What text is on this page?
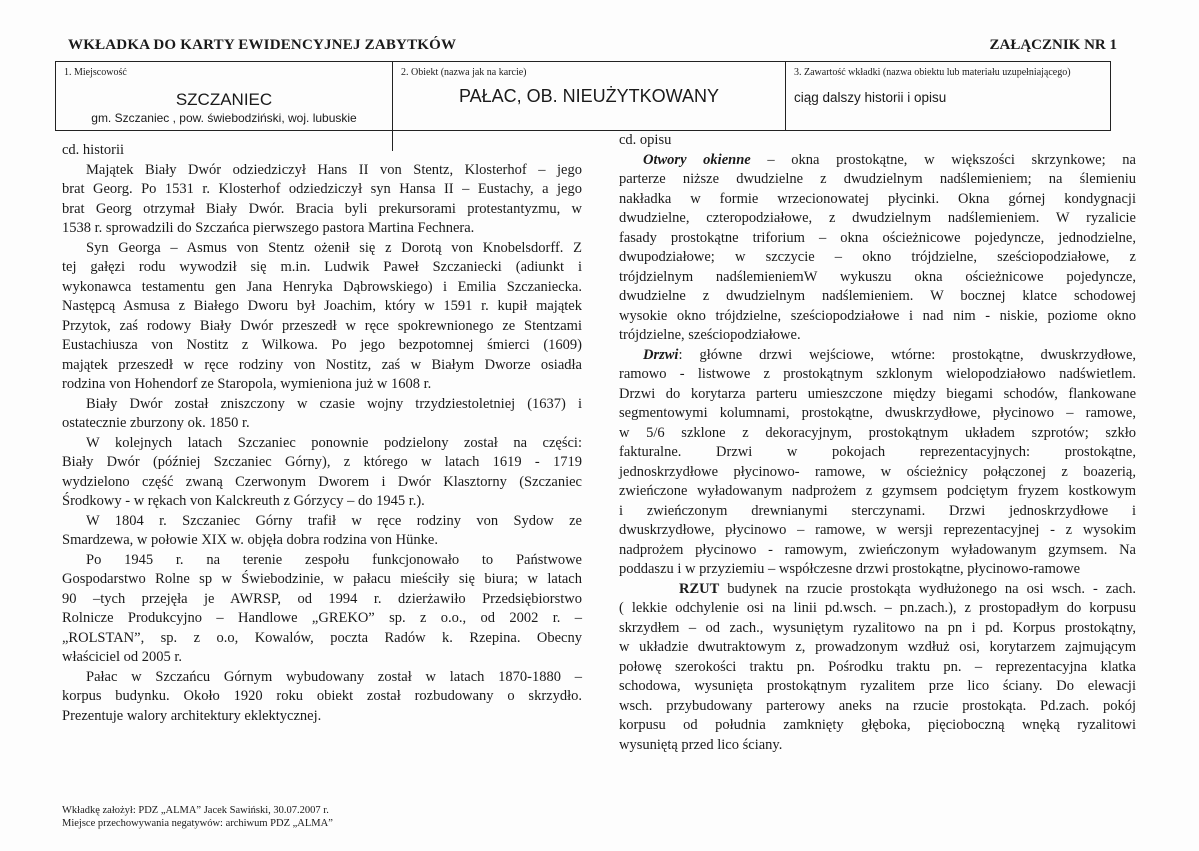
WKŁADKA DO KARTY EWIDENCYJNEJ ZABYTKÓW	ZAŁĄCZNIK NR 1
1. Miejscowość
SZCZANIEC
gm. Szczaniec , pow. świebodziński, woj. lubuskie
2. Obiekt (nazwa jak na karcie)
PAŁAC, OB. NIEUŻYTKOWANY
3. Zawartość wkładki (nazwa obiektu lub materiału uzupełniającego)
ciąg dalszy historii i opisu

cd. historii

Majątek Biały Dwór odziedziczył Hans II von Stentz, Klosterhof – jego

brat Georg. Po 1531 r. Klosterhof odziedziczył syn Hansa II – Eustachy, a jego

brat Georg otrzymał Biały Dwór. Bracia byli prekursorami protestantyzmu, w

1538 r. sprowadzili do Szczańca pierwszego pastora Martina Fechnera.

Syn Georga – Asmus von Stentz ożenił się z Dorotą von Knobelsdorff. Z

tej gałęzi rodu wywodził się m.in. Ludwik Paweł Szczaniecki (adiunkt i

wykonawca testamentu gen Jana Henryka Dąbrowskiego) i Emilia Szczaniecka.

Następcą Asmusa z Białego Dworu był Joachim, który w 1591 r. kupił majątek

Przytok, zaś rodowy Biały Dwór przeszedł w ręce spokrewnionego ze Stentzami

Eustachiusza von Nostitz z Wilkowa. Po jego bezpotomnej śmierci (1609)

majątek przeszedł w ręce rodziny von Nostitz, zaś w Białym Dworze osiadła

rodzina von Hohendorf ze Staropola, wymieniona już w 1608 r.

Biały Dwór został zniszczony w czasie wojny trzydziestoletniej (1637) i

ostatecznie zburzony ok. 1850 r.

W kolejnych latach Szczaniec ponownie podzielony został na części:

Biały Dwór (później Szczaniec Górny), z którego w latach 1619 - 1719

wydzielono część zwaną Czerwonym Dworem i Dwór Klasztorny (Szczaniec

Środkowy - w rękach von Kalckreuth z Górzycy – do 1945 r.).

W 1804 r. Szczaniec Górny trafił w ręce rodziny von Sydow ze

Smardzewa, w połowie XIX w. objęła dobra rodzina von Hünke.

Po 1945 r. na terenie zespołu funkcjonowało to Państwowe

Gospodarstwo Rolne sp w Świebodzinie, w pałacu mieściły się biura; w latach

90 –tych przejęła je AWRSP, od 1994 r. dzierżawiło Przedsiębiorstwo

Rolnicze Produkcyjno – Handlowe „GREKO” sp. z o.o., od 2002 r. –

„ROLSTAN”, sp. z o.o, Kowalów, poczta Radów k. Rzepina. Obecny

właściciel od 2005 r.

Pałac w Szczańcu Górnym wybudowany został w latach 1870-1880 –

korpus budynku. Około 1920 roku obiekt został rozbudowany o skrzydło.

Prezentuje walory architektury eklektycznej.

cd. opisu

Otwory okienne – okna prostokątne, w większości skrzynkowe; na

parterze niższe dwudzielne z dwudzielnym nadślemieniem; na ślemieniu

nakładka w formie wrzecionowatej płycinki. Okna górnej kondygnacji

dwudzielne, czteropodziałowe, z dwudzielnym nadślemieniem. W ryzalicie

fasady prostokątne triforium – okna ościeżnicowe pojedyncze, jednodzielne,

dwupodziałowe; w szczycie – okno trójdzielne, sześciopodziałowe, z

trójdzielnym nadślemieniemW wykuszu okna ościeżnicowe pojedyncze,

dwudzielne z dwudzielnym nadślemieniem. W bocznej klatce schodowej

wysokie okno trójdzielne, sześciopodziałowe i nad nim - niskie, poziome okno

trójdzielne, sześciopodziałowe.

Drzwi: główne drzwi wejściowe, wtórne: prostokątne, dwuskrzydłowe,

ramowo - listwowe z prostokątnym szklonym wielopodziałowo nadświetlem.

Drzwi do korytarza parteru umieszczone między biegami schodów, flankowane

segmentowymi kolumnami, prostokątne, dwuskrzydłowe, płycinowo – ramowe,

w 5/6 szklone z dekoracyjnym, prostokątnym układem szprotów; szkło

fakturalne. Drzwi w pokojach reprezentacyjnych: prostokątne,

jednoskrzydłowe płycinowo- ramowe, w ościeżnicy połączonej z boazerią,

zwieńczone wyładowanym nadprożem z gzymsem podciętym fryzem kostkowym

i zwieńczonym drewnianymi sterczynami. Drzwi jednoskrzydłowe i

dwuskrzydłowe, płycinowo – ramowe, w wersji reprezentacyjnej - z wysokim

nadprożem płycinowo - ramowym, zwieńczonym wyładowanym gzymsem. Na

poddaszu i w przyziemiu – współczesne drzwi prostokątne, płycinowo-ramowe

RZUT budynek na rzucie prostokąta wydłużonego na osi wsch. - zach.

( lekkie odchylenie osi na linii pd.wsch. – pn.zach.), z prostopadłym do korpusu

skrzydłem – od zach., wysuniętym ryzalitowo na pn i pd. Korpus prostokątny,

w układzie dwutraktowym z, prowadzonym wzdłuż osi, korytarzem zajmującym

połowę szerokości traktu pn. Pośrodku traktu pn. – reprezentacyjna klatka

schodowa, wysunięta prostokątnym ryzalitem prze lico ściany. Do elewacji

wsch. przybudowany parterowy aneks na rzucie prostokąta. Pd.zach. pokój

korpusu od południa zamknięty głęboka, pięcioboczną wnęką ryzalitowi

wysuniętą przed lico ściany.

Wkładkę założył: PDZ „ALMA” Jacek Sawiński, 30.07.2007 r.
Miejsce przechowywania negatywów: archiwum PDZ „ALMA”
